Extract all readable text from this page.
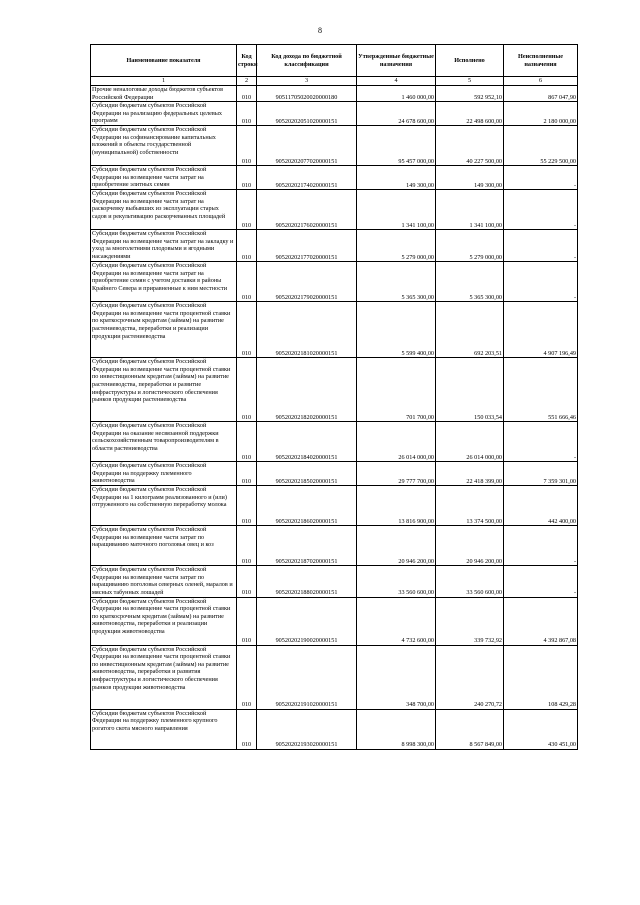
8
Наименование показателя	Код строки	Код дохода по бюджетной классификации	Утвержденные бюджетные назначения	Исполнено	Неисполненные назначения
1	2	3	4	5	6
Прочие неналоговые доходы бюджетов субъектов Российской Федерации	010	90511705020020000180	1 460 000,00	592 952,10	867 047,90
Субсидии бюджетам субъектов Российской Федерации на реализацию федеральных целевых программ	010	90520202051020000151	24 678 600,00	22 498 600,00	2 180 000,00
Субсидии бюджетам субъектов Российской Федерации на софинансирование капитальных вложений в объекты государственной (муниципальной) собственности	010	90520202077020000151	95 457 000,00	40 227 500,00	55 229 500,00
Субсидии бюджетам субъектов Российской Федерации на возмещение части затрат на приобретение элитных семян	010	90520202174020000151	149 300,00	149 300,00	-
Субсидии бюджетам субъектов Российской Федерации на возмещение части затрат на раскорчевку выбывших из эксплуатации старых садов и рекультивацию раскорчеванных площадей	010	90520202176020000151	1 341 100,00	1 341 100,00	-
Субсидии бюджетам субъектов Российской Федерации на возмещение части затрат на закладку и уход за многолетними плодовыми и ягодными насаждениями	010	90520202177020000151	5 279 000,00	5 279 000,00	-
Субсидии бюджетам субъектов Российской Федерации на возмещение части затрат на приобретение семян с учетом доставки в районы Крайнего Севера и приравненные к ним местности	010	90520202179020000151	5 365 300,00	5 365 300,00	-
Субсидии бюджетам субъектов Российской Федерации на возмещение части процентной ставки по краткосрочным кредитам (займам) на развитие растениеводства, переработки и реализации продукции растениеводства	010	90520202181020000151	5 599 400,00	692 203,51	4 907 196,49
Субсидии бюджетам субъектов Российской Федерации на возмещение части процентной ставки по инвестиционным кредитам (займам) на развитие растениеводства, переработки и развитие инфраструктуры и логистического обеспечения рынков продукции растениеводства	010	90520202182020000151	701 700,00	150 033,54	551 666,46
Субсидии бюджетам субъектов Российской Федерации на оказание несвязанной поддержки сельскохозяйственным товаропроизводителям в области растениеводства	010	90520202184020000151	26 014 000,00	26 014 000,00	-
Субсидии бюджетам субъектов Российской Федерации на поддержку племенного животноводства	010	90520202185020000151	29 777 700,00	22 418 399,00	7 359 301,00
Субсидии бюджетам субъектов Российской Федерации на 1 килограмм реализованного и (или) отгруженного на собственную переработку молока	010	90520202186020000151	13 816 900,00	13 374 500,00	442 400,00
Субсидии бюджетам субъектов Российской Федерации на возмещение части затрат по наращиванию маточного поголовья овец и коз	010	90520202187020000151	20 946 200,00	20 946 200,00	-
Субсидии бюджетам субъектов Российской Федерации на возмещение части затрат по наращиванию поголовья северных оленей, маралов и мясных табунных лошадей	010	90520202188020000151	33 560 600,00	33 560 600,00	-
Субсидии бюджетам субъектов Российской Федерации на возмещение части процентной ставки по краткосрочным кредитам (займам) на развитие животноводства, переработки и реализации продукции животноводства	010	90520202190020000151	4 732 600,00	339 732,92	4 392 867,08
Субсидии бюджетам субъектов Российской Федерации на возмещение части процентной ставки по инвестиционным кредитам (займам) на развитие животноводства, переработки и развития инфраструктуры и логистического обеспечения рынков продукции животноводства	010	90520202191020000151	348 700,00	240 270,72	108 429,28
Субсидии бюджетам субъектов Российской Федерации на поддержку племенного крупного рогатого скота мясного направления	010	90520202193020000151	8 998 300,00	8 567 849,00	430 451,00
